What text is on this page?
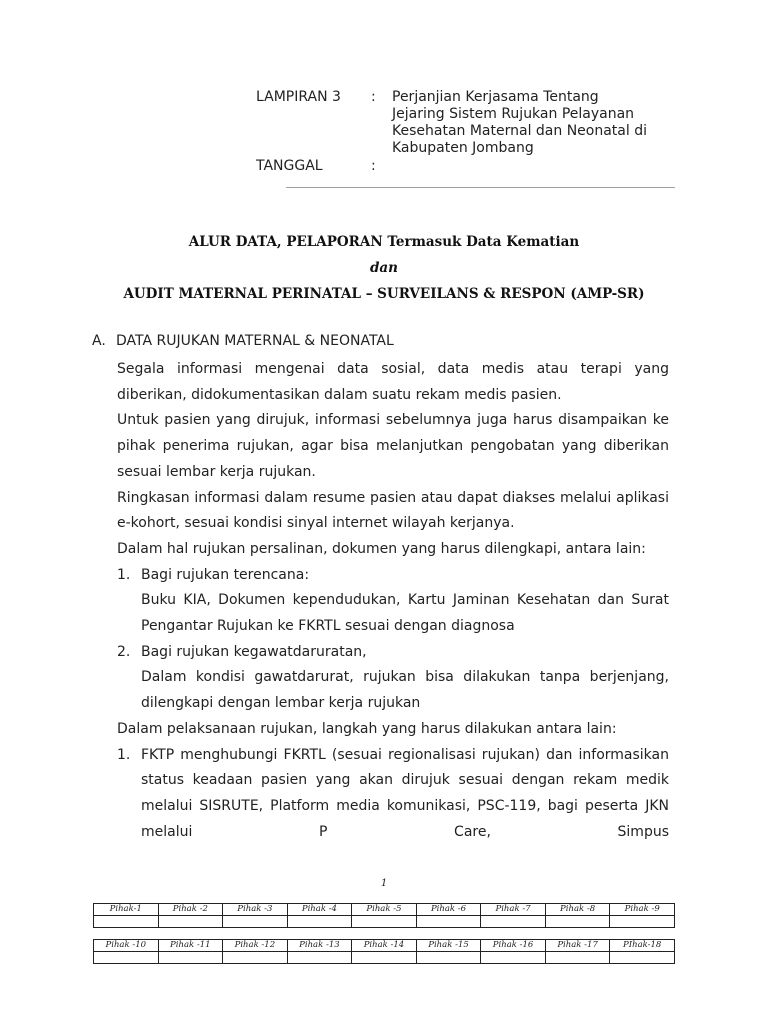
LAMPIRAN 3 : Perjanjian Kerjasama Tentang
Jejaring Sistem Rujukan Pelayanan
Kesehatan Maternal dan Neonatal di
Kabupaten Jombang
TANGGAL	:
ALUR DATA, PELAPORAN Termasuk Data Kematian
dan
AUDIT MATERNAL PERINATAL – SURVEILANS & RESPON (AMP-SR)
A. DATA RUJUKAN MATERNAL & NEONATAL

Segala informasi mengenai data sosial, data medis atau terapi yang diberikan, didokumentasikan dalam suatu rekam medis pasien.

Untuk pasien yang dirujuk, informasi sebelumnya juga harus disampaikan ke pihak penerima rujukan, agar bisa melanjutkan pengobatan yang diberikan sesuai lembar kerja rujukan.

Ringkasan informasi dalam resume pasien atau dapat diakses melalui aplikasi e-kohort, sesuai kondisi sinyal internet wilayah kerjanya.

Dalam hal rujukan persalinan, dokumen yang harus dilengkapi, antara lain:

1. Bagi rujukan terencana:

Buku KIA, Dokumen kependudukan, Kartu Jaminan Kesehatan dan Surat Pengantar Rujukan ke FKRTL sesuai dengan diagnosa

2. Bagi rujukan kegawatdaruratan,

Dalam kondisi gawatdarurat, rujukan bisa dilakukan tanpa berjenjang, dilengkapi dengan lembar kerja rujukan

Dalam pelaksanaan rujukan, langkah yang harus dilakukan antara lain:

1. FKTP menghubungi FKRTL (sesuai regionalisasi rujukan) dan informasikan status keadaan pasien yang akan dirujuk sesuai dengan rekam medik melalui SISRUTE, Platform media komunikasi, PSC-119, bagi peserta JKN melalui P Care, Simpus

1
Pihak-1	Pihak -2	Pihak -3	Pihak -4	Pihak -5	Pihak -6	Pihak -7	Pihak -8	Pihak -9

Pihak -10	Pihak -11	Pihak -12	Pihak -13	Pihak -14	Pihak -15	Pihak -16	Pihak -17	PIhak-18
